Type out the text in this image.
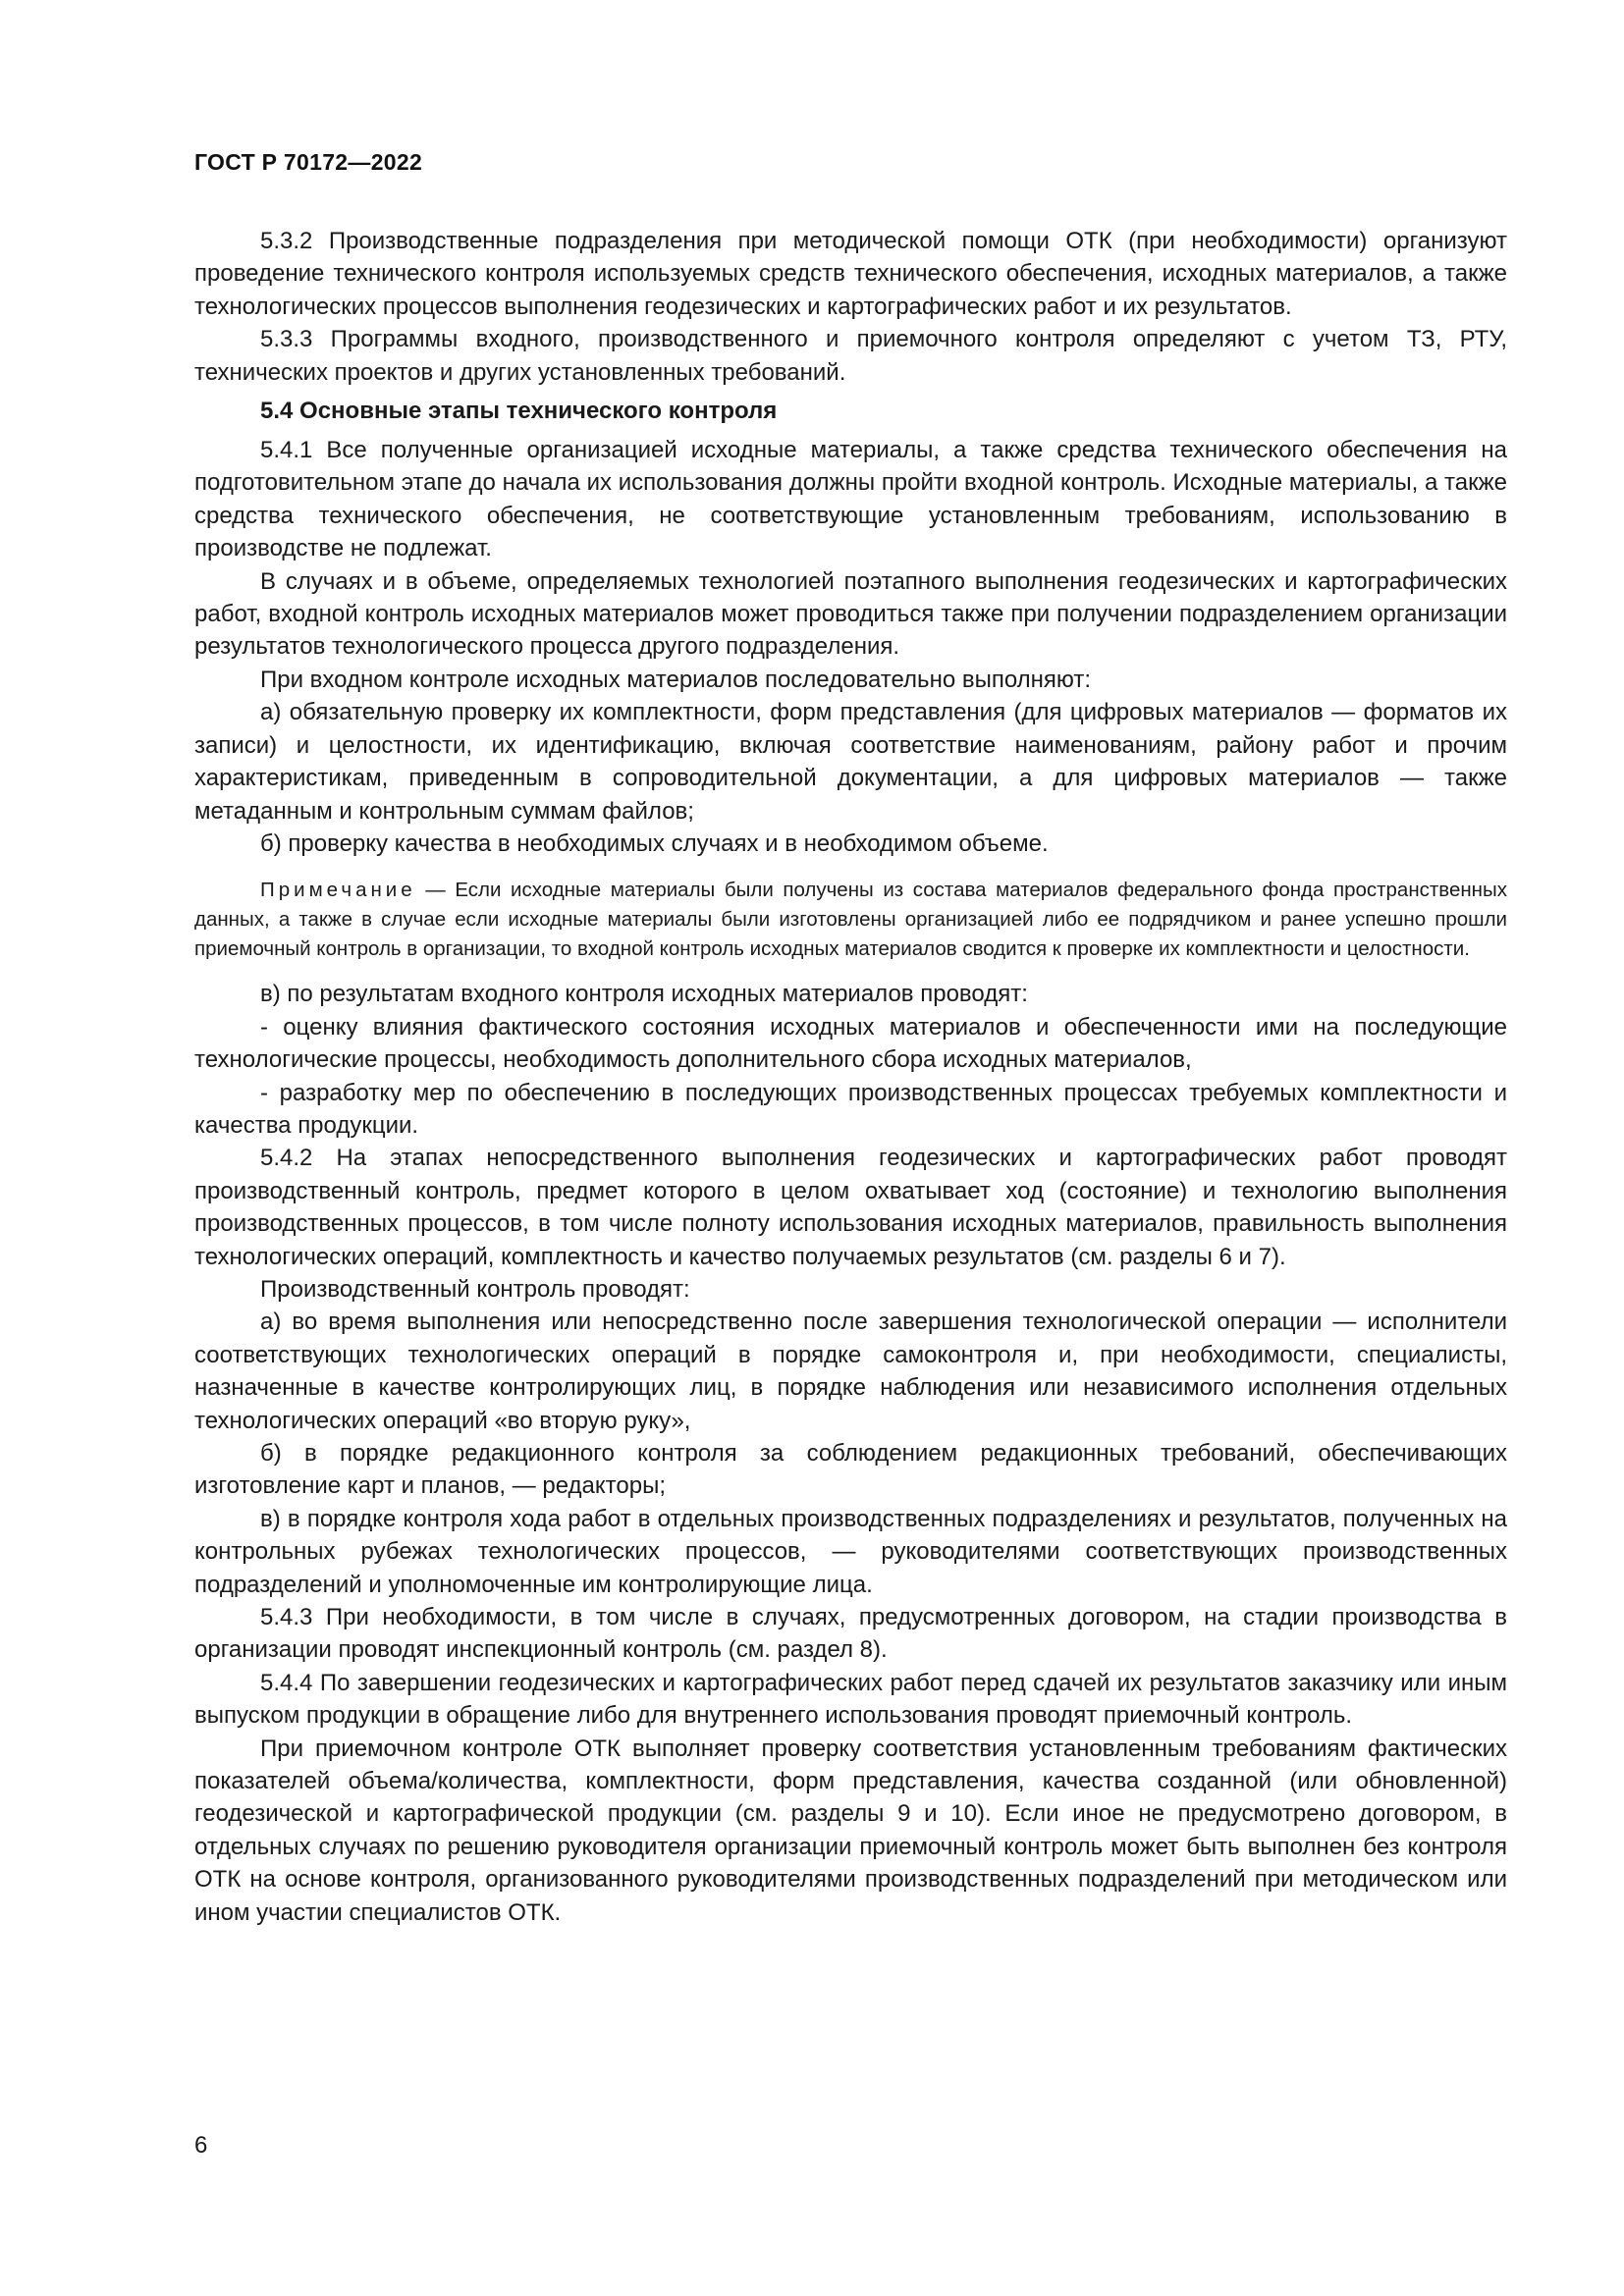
ГОСТ Р 70172—2022

5.3.2 Производственные подразделения при методической помощи ОТК (при необходимости) организуют проведение технического контроля используемых средств технического обеспечения, исходных материалов, а также технологических процессов выполнения геодезических и картографических работ и их результатов.

5.3.3 Программы входного, производственного и приемочного контроля определяют с учетом ТЗ, РТУ, технических проектов и других установленных требований.

5.4 Основные этапы технического контроля

5.4.1 Все полученные организацией исходные материалы, а также средства технического обеспечения на подготовительном этапе до начала их использования должны пройти входной контроль. Исходные материалы, а также средства технического обеспечения, не соответствующие установленным требованиям, использованию в производстве не подлежат.

В случаях и в объеме, определяемых технологией поэтапного выполнения геодезических и картографических работ, входной контроль исходных материалов может проводиться также при получении подразделением организации результатов технологического процесса другого подразделения.

При входном контроле исходных материалов последовательно выполняют:

а) обязательную проверку их комплектности, форм представления (для цифровых материалов — форматов их записи) и целостности, их идентификацию, включая соответствие наименованиям, району работ и прочим характеристикам, приведенным в сопроводительной документации, а для цифровых материалов — также метаданным и контрольным суммам файлов;

б) проверку качества в необходимых случаях и в необходимом объеме.

Примечание — Если исходные материалы были получены из состава материалов федерального фонда пространственных данных, а также в случае если исходные материалы были изготовлены организацией либо ее подрядчиком и ранее успешно прошли приемочный контроль в организации, то входной контроль исходных материалов сводится к проверке их комплектности и целостности.

в) по результатам входного контроля исходных материалов проводят:

- оценку влияния фактического состояния исходных материалов и обеспеченности ими на последующие технологические процессы, необходимость дополнительного сбора исходных материалов,

- разработку мер по обеспечению в последующих производственных процессах требуемых комплектности и качества продукции.

5.4.2 На этапах непосредственного выполнения геодезических и картографических работ проводят производственный контроль, предмет которого в целом охватывает ход (состояние) и технологию выполнения производственных процессов, в том числе полноту использования исходных материалов, правильность выполнения технологических операций, комплектность и качество получаемых результатов (см. разделы 6 и 7).

Производственный контроль проводят:

а) во время выполнения или непосредственно после завершения технологической операции — исполнители соответствующих технологических операций в порядке самоконтроля и, при необходимости, специалисты, назначенные в качестве контролирующих лиц, в порядке наблюдения или независимого исполнения отдельных технологических операций «во вторую руку»,

б) в порядке редакционного контроля за соблюдением редакционных требований, обеспечивающих изготовление карт и планов, — редакторы;

в) в порядке контроля хода работ в отдельных производственных подразделениях и результатов, полученных на контрольных рубежах технологических процессов, — руководителями соответствующих производственных подразделений и уполномоченные им контролирующие лица.

5.4.3 При необходимости, в том числе в случаях, предусмотренных договором, на стадии производства в организации проводят инспекционный контроль (см. раздел 8).

5.4.4 По завершении геодезических и картографических работ перед сдачей их результатов заказчику или иным выпуском продукции в обращение либо для внутреннего использования проводят приемочный контроль.

При приемочном контроле ОТК выполняет проверку соответствия установленным требованиям фактических показателей объема/количества, комплектности, форм представления, качества созданной (или обновленной) геодезической и картографической продукции (см. разделы 9 и 10). Если иное не предусмотрено договором, в отдельных случаях по решению руководителя организации приемочный контроль может быть выполнен без контроля ОТК на основе контроля, организованного руководителями производственных подразделений при методическом или ином участии специалистов ОТК.

6
